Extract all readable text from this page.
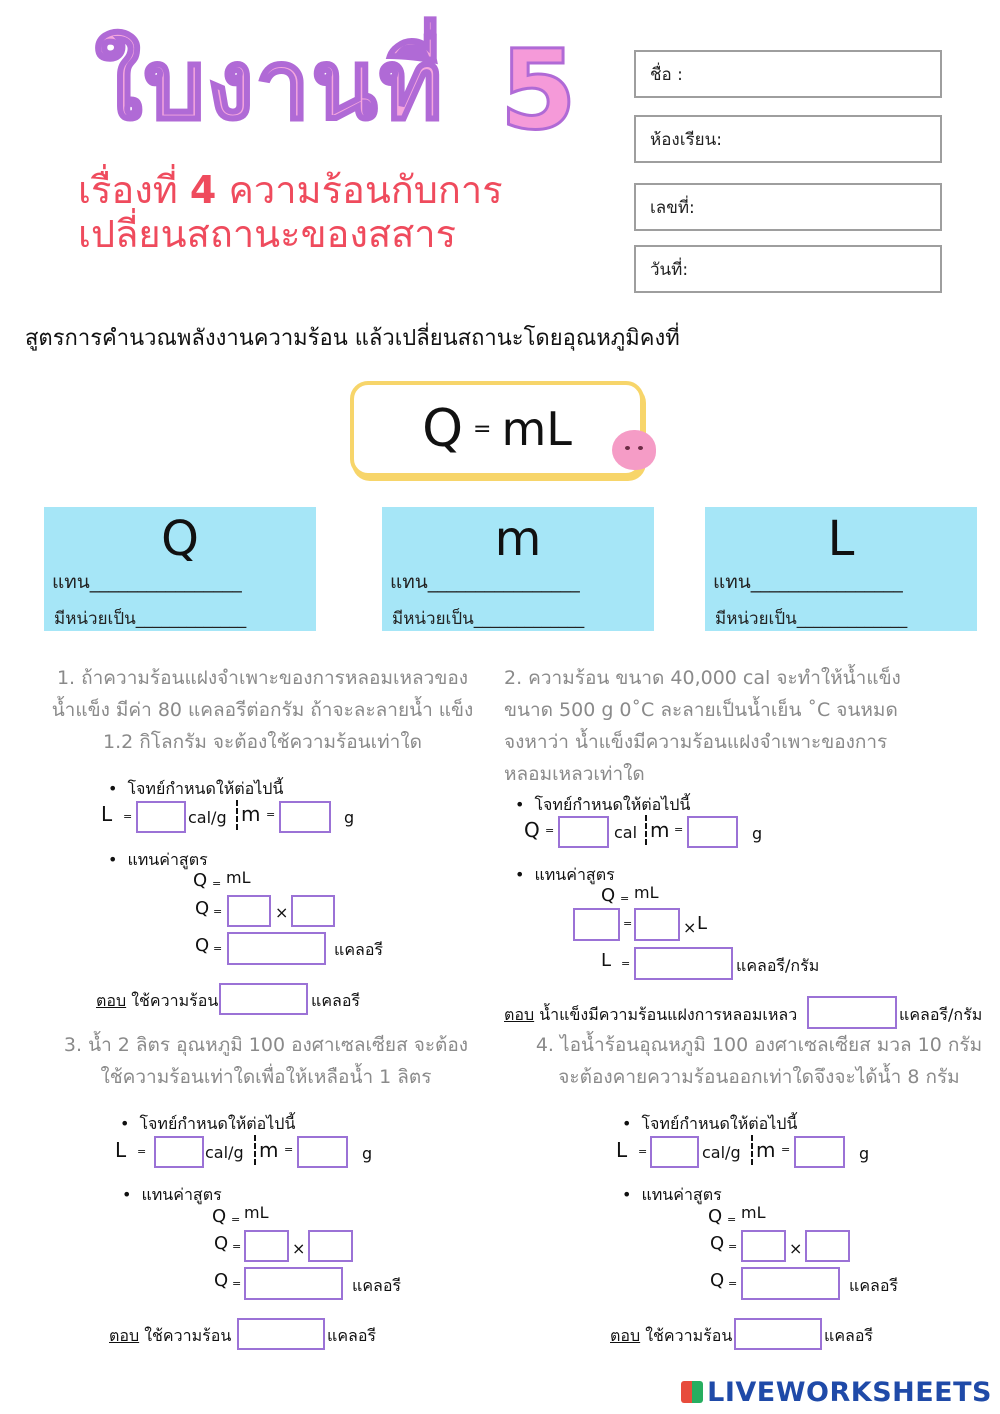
ใบงานที่ 5
เรื่องที่ 4 ความร้อนกับการ
เปลี่ยนสถานะของสสาร
ชื่อ :
ห้องเรียน:
เลขที่:
วันที่:
สูตรการคำนวณพลังงานความร้อน แล้วเปลี่ยนสถานะโดยอุณหภูมิคงที่
Q = mL
Q
แทน________________
มีหน่วยเป็น_____________
m
แทน________________
มีหน่วยเป็น_____________
L
แทน________________
มีหน่วยเป็น_____________
1. ถ้าความร้อนแฝงจำเพาะของการหลอมเหลวของ น้ำแข็ง มีค่า 80 แคลอรีต่อกรัม ถ้าจะละลายน้ำ แข็ง 1.2 กิโลกรัม จะต้องใช้ความร้อนเท่าใด
• โจทย์กำหนดให้ต่อไปนี้
L =	cal/g m =	g
• แทนค่าสูตร
Q = mL
Q =	×
Q =	แคลอรี
ตอบ ใช้ความร้อน	แคลอรี
2. ความร้อน ขนาด 40,000 cal จะทำให้น้ำแข็ง ขนาด 500 g 0˚C ละลายเป็นน้ำเย็น ˚C จนหมด จงหาว่า น้ำแข็งมีความร้อนแฝงจำเพาะของการ หลอมเหลวเท่าใด
• โจทย์กำหนดให้ต่อไปนี้
Q =	cal m =	g
• แทนค่าสูตร
Q = mL
=	× L
L =	แคลอรี/กรัม
ตอบ น้ำแข็งมีความร้อนแฝงการหลอมเหลว	แคลอรี/กรัม
3. น้ำ 2 ลิตร อุณหภูมิ 100 องศาเซลเซียส จะต้อง ใช้ความร้อนเท่าใดเพื่อให้เหลือน้ำ 1 ลิตร
• โจทย์กำหนดให้ต่อไปนี้
L =	cal/g m =	g
• แทนค่าสูตร
Q = mL
Q =	×
Q =	แคลอรี
ตอบ ใช้ความร้อน	แคลอรี
4. ไอน้ำร้อนอุณหภูมิ 100 องศาเซลเซียส มวล 10 กรัม จะต้องคายความร้อนออกเท่าใดจึงจะได้น้ำ 8 กรัม
• โจทย์กำหนดให้ต่อไปนี้
L =	cal/g m =	g
• แทนค่าสูตร
Q = mL
Q =	×
Q =	แคลอรี
ตอบ ใช้ความร้อน	แคลอรี
LIVEWORKSHEETS
